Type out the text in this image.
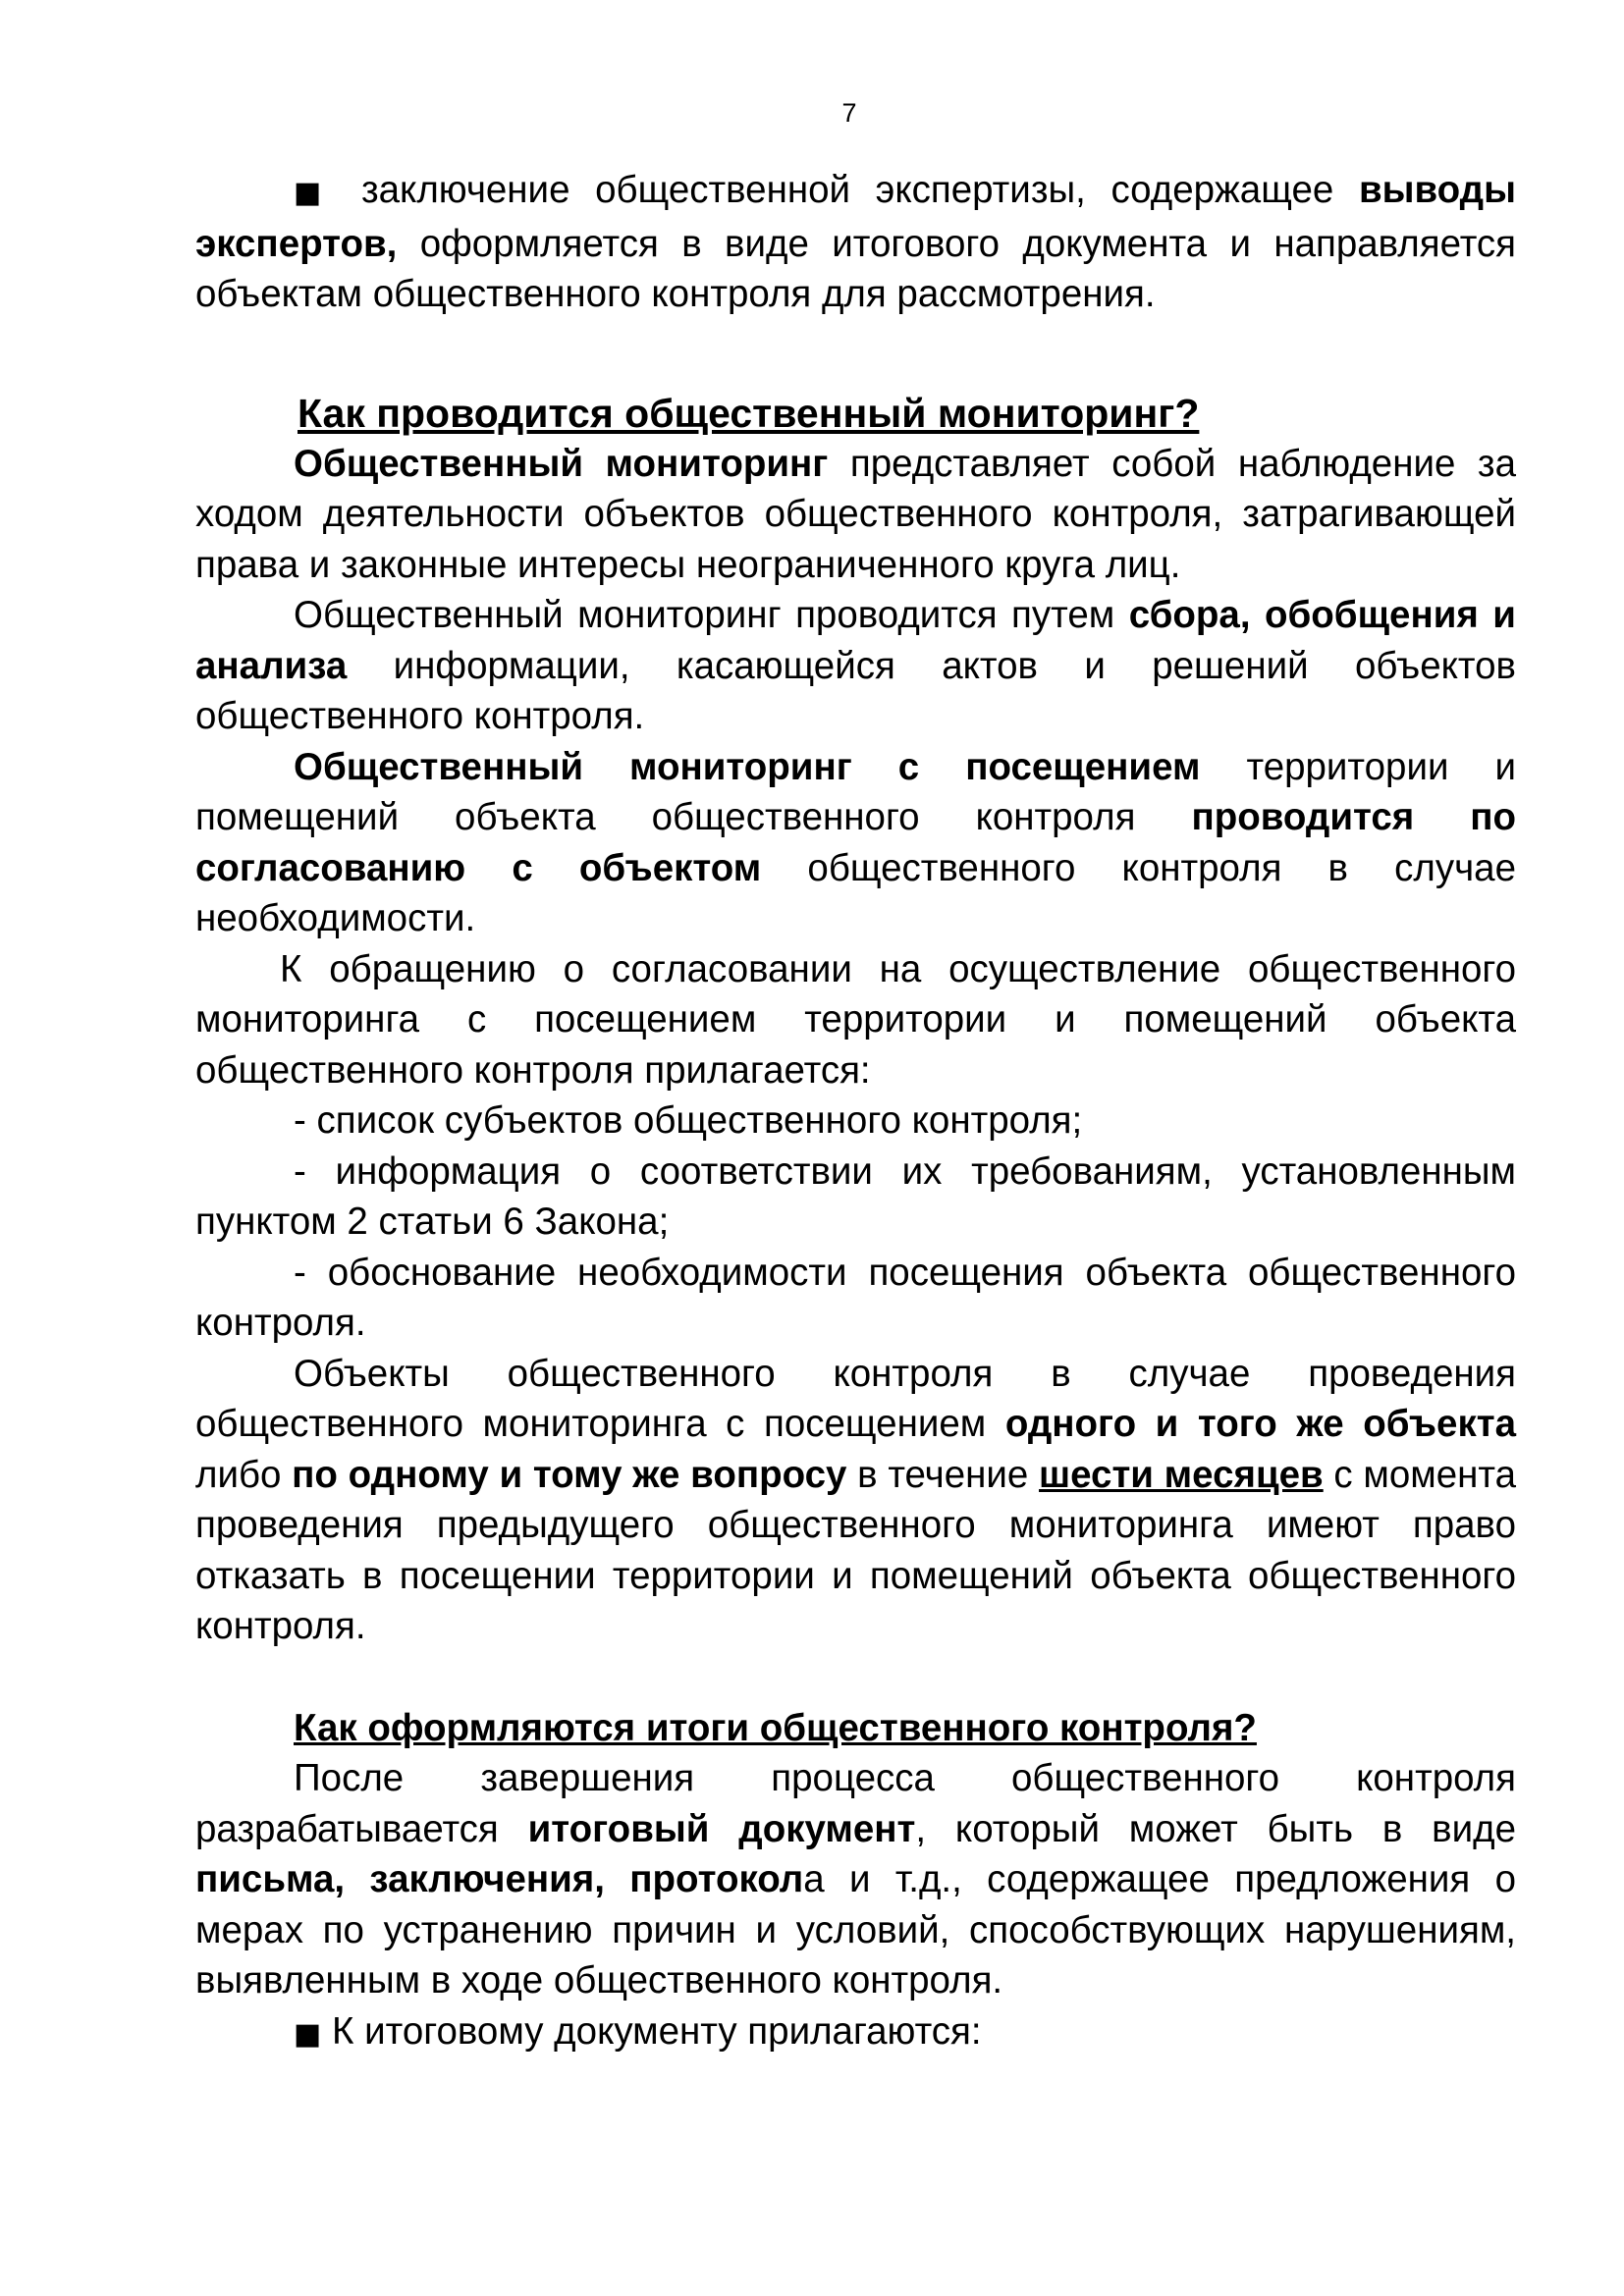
7

■ заключение общественной экспертизы, содержащее выводы экспертов, оформляется в виде итогового документа и направляется объектам общественного контроля для рассмотрения.

Как проводится общественный мониторинг?

Общественный мониторинг представляет собой наблюдение за ходом деятельности объектов общественного контроля, затрагивающей права и законные интересы неограниченного круга лиц.

Общественный мониторинг проводится путем сбора, обобщения и анализа информации, касающейся актов и решений объектов общественного контроля.

Общественный мониторинг с посещением территории и помещений объекта общественного контроля проводится по согласованию с объектом общественного контроля в случае необходимости.

К обращению о согласовании на осуществление общественного мониторинга с посещением территории и помещений объекта общественного контроля прилагается:

- список субъектов общественного контроля;

- информация о соответствии их требованиям, установленным пунктом 2 статьи 6 Закона;

- обоснование необходимости посещения объекта общественного контроля.

Объекты общественного контроля в случае проведения общественного мониторинга с посещением одного и того же объекта либо по одному и тому же вопросу в течение шести месяцев с момента проведения предыдущего общественного мониторинга имеют право отказать в посещении территории и помещений объекта общественного контроля.

Как оформляются итоги общественного контроля?

После завершения процесса общественного контроля разрабатывается итоговый документ, который может быть в виде письма, заключения, протокола и т.д., содержащее предложения о мерах по устранению причин и условий, способствующих нарушениям, выявленным в ходе общественного контроля.

■ К итоговому документу прилагаются:
